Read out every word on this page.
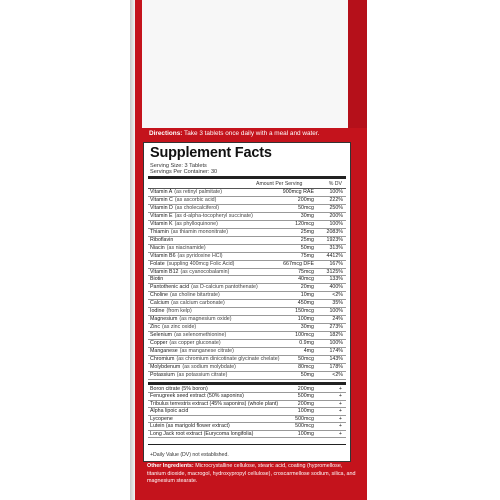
Directions: Take 3 tablets once daily with a meal and water.
Supplement Facts
Serving Size: 3 Tablets
Servings Per Container: 30
Amount Per Serving	% DV
Vitamin A (as retinyl palmitate)	900mcg RAE	100%
Vitamin C (as ascorbic acid)	200mg	222%
Vitamin D (as cholecalciferol)	50mcg	250%
Vitamin E (as d-alpha-tocopheryl succinate)	30mg	200%
Vitamin K (as phylloquinone)	120mcg	100%
Thiamin (as thiamin mononitrate)	25mg 2083%
Riboflavin	25mg 1923%
Niacin (as niacinamide)	50mg	313%
Vitamin B6 (as pyridoxine HCl)	75mg 4412%
Folate (suppling 400mcg Folic Acid)	667mcg DFE	167%
Vitamin B12 (as cyanocobalamin)	75mcg 3125%
Biotin	40mcg	133%
Pantothenic acid (as D-calcium pantothenate)	20mg	400%
Choline (as choline bitartrate)	10mg	<2%
Calcium (as calcium carbonate)	450mg	35%
Iodine (from kelp)	150mcg	100%
Magnesium (as magnesium oxide)	100mg	24%
Zinc (as zinc oxide)	30mg	273%
Selenium (as selenomethionine)	100mcg	182%
Copper (as copper gluconate)	0.9mg	100%
Manganese (as manganese citrate)	4mg	174%
Chromium (as chromium dinicotinate glycinate chelate)	50mcg	143%
Molybdenum (as sodium molybdate)	80mcg	178%
Potassium (as potassium citrate)	50mg	<2%
Boron citrate (5% boron)	200mg	+
Fenugreek seed extract (50% saponins)	500mg	+
Tribulus terrestris extract (45% saponins) (whole plant)	200mg	+
Alpha lipoic acid	100mg	+
Lycopene	500mcg	+
Lutein (as marigold flower extract)	500mcg	+
Long Jack root extract (Eurycoma longifolia)	100mg	+
+Daily Value (DV) not established.
Other Ingredients: Microcrystalline cellulose, stearic acid, coating (hypromellose, titanium dioxide, macrogol, hydroxypropyl cellulose), croscarmellose sodium, silica, and magnesium stearate.
